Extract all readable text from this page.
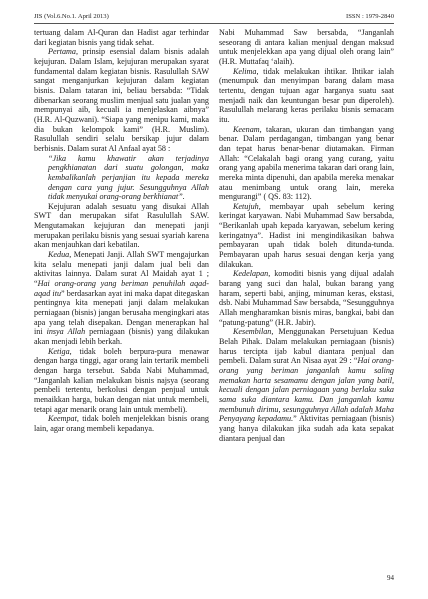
JIS (Vol.6.No.1. April 2013)	ISSN : 1979-2840

tertuang dalam Al-Quran dan Hadist agar terhindar dari kegiatan bisnis yang tidak sehat.

Pertama, prinsip esensial dalam bisnis adalah kejujuran. Dalam Islam, kejujuran merupakan syarat fundamental dalam kegiatan bisnis. Rasulullah SAW sangat menganjurkan kejujuran dalam kegiatan bisnis. Dalam tataran ini, beliau bersabda: “Tidak dibenarkan seorang muslim menjual satu jualan yang mempunyai aib, kecuali ia menjelaskan aibnya” (H.R. Al-Quzwani). “Siapa yang menipu kami, maka dia bukan kelompok kami” (H.R. Muslim). Rasulullah sendiri selalu bersikap jujur dalam berbisnis. Dalam surat Al Anfaal ayat 58 :

“Jika kamu khawatir akan terjadinya pengkhianatan dari suatu golongan, maka kembalikanlah perjanjian itu kepada mereka dengan cara yang jujur. Sesungguhnya Allah tidak menyukai orang-orang berkhianat”.

Kejujuran adalah sesuatu yang disukai Allah SWT dan merupakan sifat Rasulullah SAW. Mengutamakan kejujuran dan menepati janji merupakan perilaku bisnis yang sesuai syariah karena akan menjauhkan dari kebatilan.

Kedua, Menepati Janji. Allah SWT mengajurkan kita selalu menepati janji dalam jual beli dan aktivitas lainnya. Dalam surat Al Maidah ayat 1 ; “Hai orang-orang yang beriman penuhilah aqad-aqad itu” berdasarkan ayat ini maka dapat ditegaskan pentingnya kita menepati janji dalam melakukan perniagaan (bisnis) jangan berusaha mengingkari atas apa yang telah disepakan. Dengan menerapkan hal ini insya Allah perniagaan (bisnis) yang dilakukan akan menjadi lebih berkah.

Ketiga, tidak boleh berpura-pura menawar dengan harga tinggi, agar orang lain tertarik membeli dengan harga tersebut. Sabda Nabi Muhammad, “Janganlah kalian melakukan bisnis najsya (seorang pembeli tertentu, berkolusi dengan penjual untuk menaikkan harga, bukan dengan niat untuk membeli, tetapi agar menarik orang lain untuk membeli).

Keempat, tidak boleh menjelekkan bisnis orang lain, agar orang membeli kepadanya.

Nabi Muhammad Saw bersabda, “Janganlah seseorang di antara kalian menjual dengan maksud untuk menjelekkan apa yang dijual oleh orang lain” (H.R. Muttafaq ‘alaih).

Kelima, tidak melakukan ihtikar. Ihtikar ialah (menumpuk dan menyimpan barang dalam masa tertentu, dengan tujuan agar harganya suatu saat menjadi naik dan keuntungan besar pun diperoleh). Rasulullah melarang keras perilaku bisnis semacam itu.

Keenam, takaran, ukuran dan timbangan yang benar. Dalam perdagangan, timbangan yang benar dan tepat harus benar-benar diutamakan. Firman Allah: “Celakalah bagi orang yang curang, yaitu orang yang apabila menerima takaran dari orang lain, mereka minta dipenuhi, dan apabila mereka menakar atau menimbang untuk orang lain, mereka mengurangi” ( QS. 83: 112).

Ketujuh, membayar upah sebelum kering keringat karyawan. Nabi Muhammad Saw bersabda, “Berikanlah upah kepada karyawan, sebelum kering keringatnya”. Hadist ini mengindikasikan bahwa pembayaran upah tidak boleh ditunda-tunda. Pembayaran upah harus sesuai dengan kerja yang dilakukan.

Kedelapan, komoditi bisnis yang dijual adalah barang yang suci dan halal, bukan barang yang haram, seperti babi, anjing, minuman keras, ekstasi, dsb. Nabi Muhammad Saw bersabda, “Sesungguhnya Allah mengharamkan bisnis miras, bangkai, babi dan “patung-patung” (H.R. Jabir).

Kesembilan, Menggunakan Persetujuan Kedua Belah Pihak. Dalam melakukan perniagaan (bisnis) harus tercipta ijab kabul diantara penjual dan pembeli. Dalam surat An Nisaa ayat 29 : “Hai orang-orang yang beriman janganlah kamu saling memakan harta sesamamu dengan jalan yang batil, kecuali dengan jalan perniagaan yang berlaku suka sama suka diantara kamu. Dan janganlah kamu membunuh dirimu, sesungguhnya Allah adalah Maha Penyayang kepadamu.” Aktivitas perniagaan (bisnis) yang hanya dilakukan jika sudah ada kata sepakat diantara penjual dan

94
